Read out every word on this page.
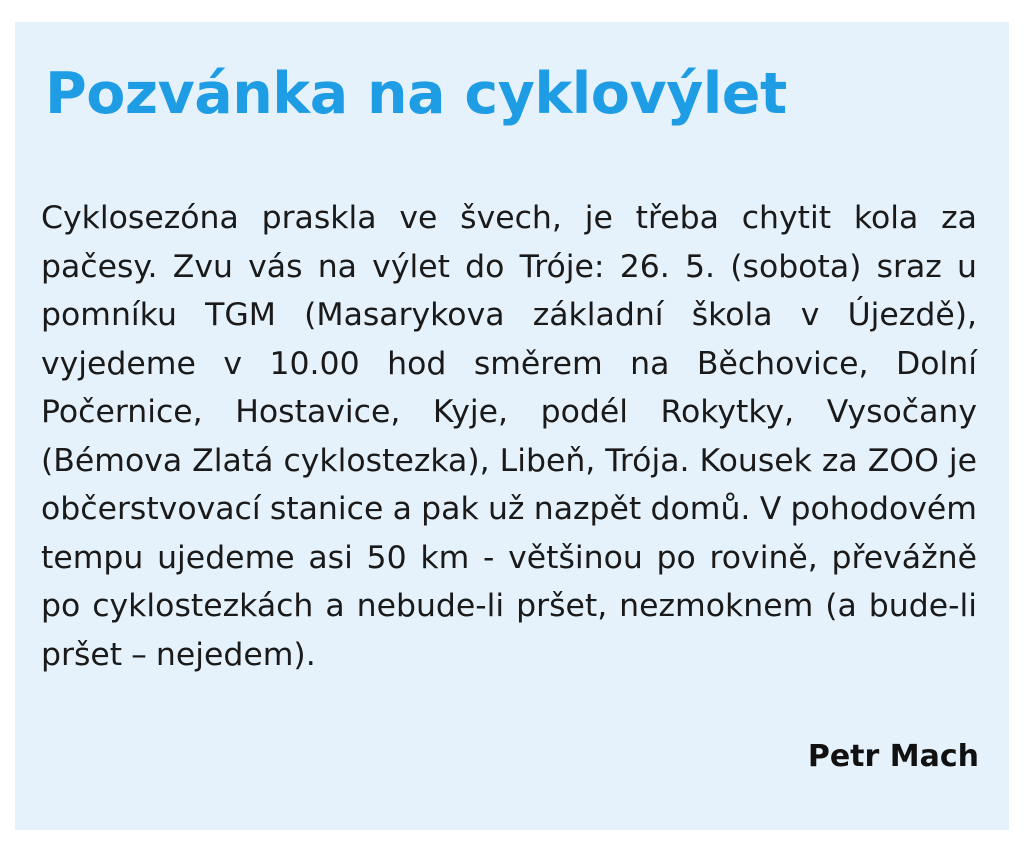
Pozvánka na cyklovýlet

Cyklosezóna praskla ve švech, je třeba chytit kola za pačesy. Zvu vás na výlet do Tróje: 26. 5. (sobota) sraz u pomníku TGM (Masarykova základní škola v Újezdě), vyjedeme v 10.00 hod směrem na Běchovice, Dolní Počernice, Hostavice, Kyje, podél Rokytky, Vysočany (Bémova Zlatá cyklostezka), Libeň, Trója. Kousek za ZOO je občerstvovací stanice a pak už nazpět domů. V pohodovém tempu ujedeme asi 50 km - většinou po rovině, převážně po cyklostezkách a nebude-li pršet, nezmoknem (a bude-li pršet – nejedem).

Petr Mach
